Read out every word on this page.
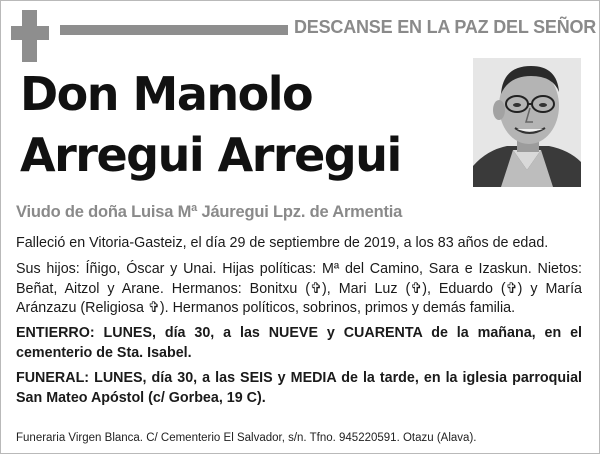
DESCANSE EN LA PAZ DEL SEÑOR
Don Manolo
Arregui Arregui
Viudo de doña Luisa Mª Jáuregui Lpz. de Armentia

Falleció en Vitoria-Gasteiz, el día 29 de septiembre de 2019, a los 83 años de edad.

Sus hijos: Íñigo, Óscar y Unai. Hijas políticas: Mª del Camino, Sara e Izaskun. Nietos: Beñat, Aitzol y Arane. Hermanos: Bonitxu (✞), Mari Luz (✞), Eduardo (✞) y María Aránzazu (Religiosa ✞). Hermanos políticos, sobrinos, primos y demás familia.

ENTIERRO: LUNES, día 30, a las NUEVE y CUARENTA de la mañana, en el cementerio de Sta. Isabel.

FUNERAL: LUNES, día 30, a las SEIS y MEDIA de la tarde, en la iglesia parroquial San Mateo Apóstol (c/ Gorbea, 19 C).

Funeraria Virgen Blanca. C/ Cementerio El Salvador, s/n. Tfno. 945220591. Otazu (Alava).
